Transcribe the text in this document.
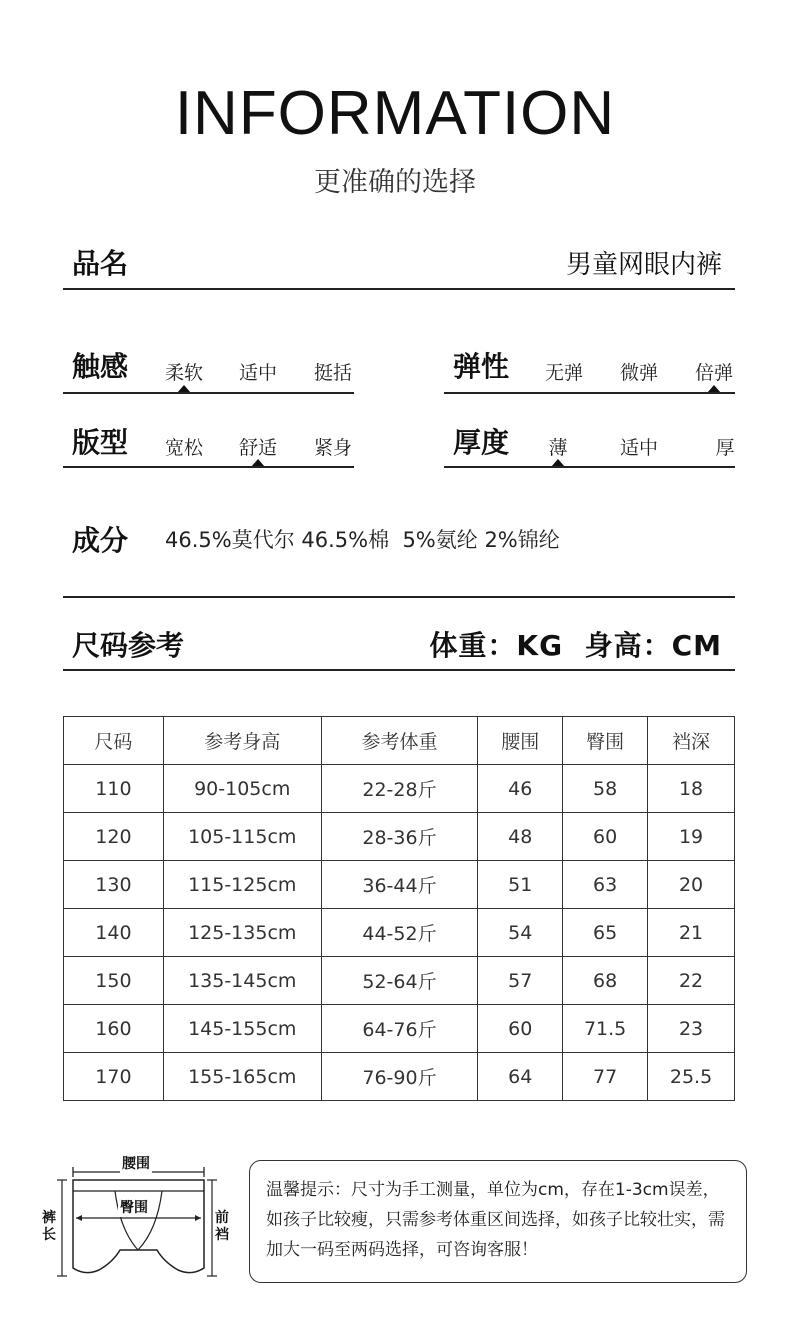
INFORMATION
更准确的选择
品名	男童网眼内裤
触感	柔软	适中	挺括	弹性	无弹	微弹	倍弹
版型	宽松	舒适	紧身	厚度	薄	适中	厚
成分 46.5%莫代尔 46.5%棉  5%氨纶 2%锦纶
尺码参考	体重：KG  身高：CM
尺码	参考身高	参考体重	腰围	臀围	裆深
110	90-105cm	22-28斤	46	58	18
120	105-115cm	28-36斤	48	60	19
130	115-125cm	36-44斤	51	63	20
140	125-135cm	44-52斤	54	65	21
150	135-145cm	52-64斤	57	68	22
160	145-155cm	64-76斤	60	71.5	23
170	155-165cm	76-90斤	64	77	25.5
腰围
臀围
裤长
前裆
温馨提示：尺寸为手工测量，单位为cm，存在1-3cm误差，如孩子比较瘦，只需参考体重区间选择，如孩子比较壮实，需加大一码至两码选择，可咨询客服！
